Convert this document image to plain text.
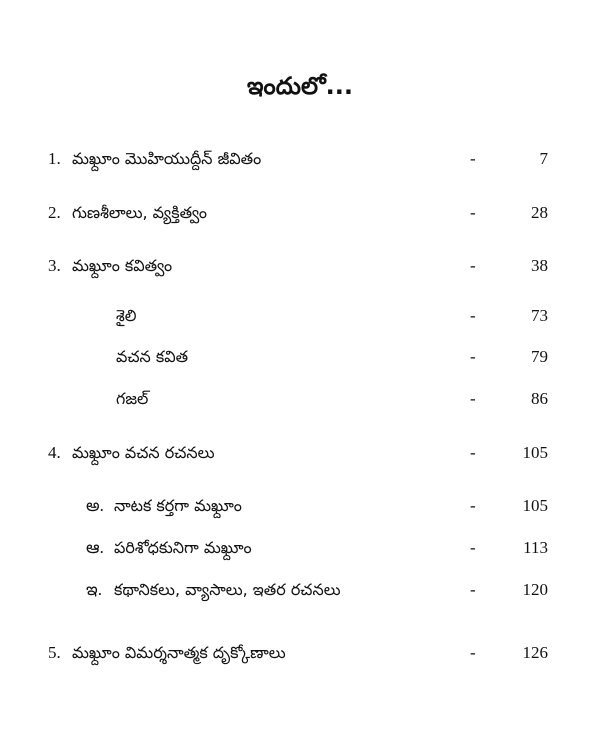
ఇందులో...
1. మఖ్దూం మొహియుద్దీన్ జీవితం	-	7
2. గుణశీలాలు, వ్యక్తిత్వం	-	28
3. మఖ్దూం కవిత్వం	-	38
శైలి	-	73
వచన కవిత	-	79
గజల్	-	86
4. మఖ్దూం వచన రచనలు	-	105
అ. నాటక కర్తగా మఖ్దూం	-	105
ఆ. పరిశోధకునిగా మఖ్దూం	-	113
ఇ. కథానికలు, వ్యాసాలు, ఇతర రచనలు	-	120
5. మఖ్దూం విమర్శనాత్మక దృక్కోణాలు	-	126
